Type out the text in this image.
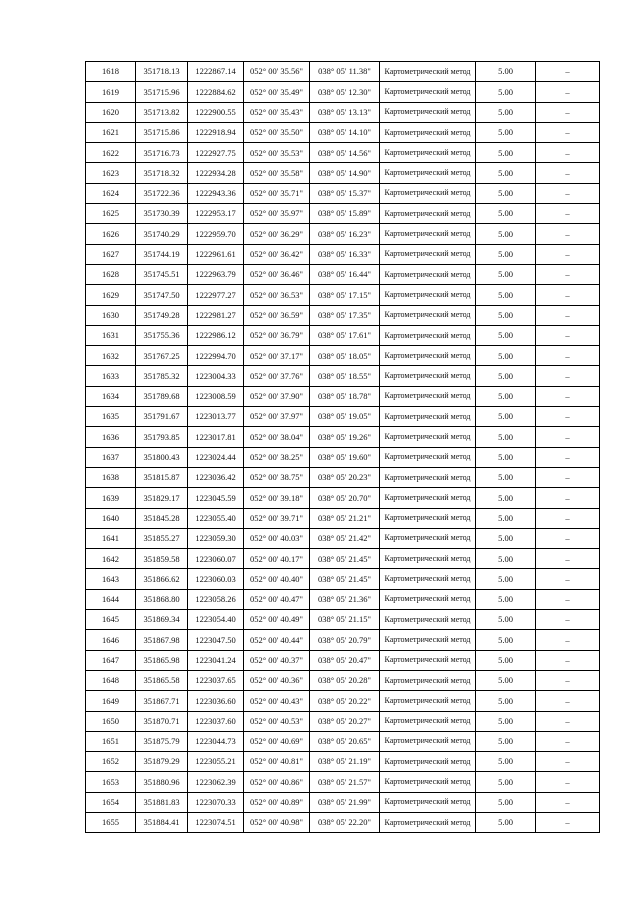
1618	351718.13	1222867.14	052° 00' 35.56"	038° 05' 11.38"	Картометрический метод	5.00	–
1619	351715.96	1222884.62	052° 00' 35.49"	038° 05' 12.30"	Картометрический метод	5.00	–
1620	351713.82	1222900.55	052° 00' 35.43"	038° 05' 13.13"	Картометрический метод	5.00	–
1621	351715.86	1222918.94	052° 00' 35.50"	038° 05' 14.10"	Картометрический метод	5.00	–
1622	351716.73	1222927.75	052° 00' 35.53"	038° 05' 14.56"	Картометрический метод	5.00	–
1623	351718.32	1222934.28	052° 00' 35.58"	038° 05' 14.90"	Картометрический метод	5.00	–
1624	351722.36	1222943.36	052° 00' 35.71"	038° 05' 15.37"	Картометрический метод	5.00	–
1625	351730.39	1222953.17	052° 00' 35.97"	038° 05' 15.89"	Картометрический метод	5.00	–
1626	351740.29	1222959.70	052° 00' 36.29"	038° 05' 16.23"	Картометрический метод	5.00	–
1627	351744.19	1222961.61	052° 00' 36.42"	038° 05' 16.33"	Картометрический метод	5.00	–
1628	351745.51	1222963.79	052° 00' 36.46"	038° 05' 16.44"	Картометрический метод	5.00	–
1629	351747.50	1222977.27	052° 00' 36.53"	038° 05' 17.15"	Картометрический метод	5.00	–
1630	351749.28	1222981.27	052° 00' 36.59"	038° 05' 17.35"	Картометрический метод	5.00	–
1631	351755.36	1222986.12	052° 00' 36.79"	038° 05' 17.61"	Картометрический метод	5.00	–
1632	351767.25	1222994.70	052° 00' 37.17"	038° 05' 18.05"	Картометрический метод	5.00	–
1633	351785.32	1223004.33	052° 00' 37.76"	038° 05' 18.55"	Картометрический метод	5.00	–
1634	351789.68	1223008.59	052° 00' 37.90"	038° 05' 18.78"	Картометрический метод	5.00	–
1635	351791.67	1223013.77	052° 00' 37.97"	038° 05' 19.05"	Картометрический метод	5.00	–
1636	351793.85	1223017.81	052° 00' 38.04"	038° 05' 19.26"	Картометрический метод	5.00	–
1637	351800.43	1223024.44	052° 00' 38.25"	038° 05' 19.60"	Картометрический метод	5.00	–
1638	351815.87	1223036.42	052° 00' 38.75"	038° 05' 20.23"	Картометрический метод	5.00	–
1639	351829.17	1223045.59	052° 00' 39.18"	038° 05' 20.70"	Картометрический метод	5.00	–
1640	351845.28	1223055.40	052° 00' 39.71"	038° 05' 21.21"	Картометрический метод	5.00	–
1641	351855.27	1223059.30	052° 00' 40.03"	038° 05' 21.42"	Картометрический метод	5.00	–
1642	351859.58	1223060.07	052° 00' 40.17"	038° 05' 21.45"	Картометрический метод	5.00	–
1643	351866.62	1223060.03	052° 00' 40.40"	038° 05' 21.45"	Картометрический метод	5.00	–
1644	351868.80	1223058.26	052° 00' 40.47"	038° 05' 21.36"	Картометрический метод	5.00	–
1645	351869.34	1223054.40	052° 00' 40.49"	038° 05' 21.15"	Картометрический метод	5.00	–
1646	351867.98	1223047.50	052° 00' 40.44"	038° 05' 20.79"	Картометрический метод	5.00	–
1647	351865.98	1223041.24	052° 00' 40.37"	038° 05' 20.47"	Картометрический метод	5.00	–
1648	351865.58	1223037.65	052° 00' 40.36"	038° 05' 20.28"	Картометрический метод	5.00	–
1649	351867.71	1223036.60	052° 00' 40.43"	038° 05' 20.22"	Картометрический метод	5.00	–
1650	351870.71	1223037.60	052° 00' 40.53"	038° 05' 20.27"	Картометрический метод	5.00	–
1651	351875.79	1223044.73	052° 00' 40.69"	038° 05' 20.65"	Картометрический метод	5.00	–
1652	351879.29	1223055.21	052° 00' 40.81"	038° 05' 21.19"	Картометрический метод	5.00	–
1653	351880.96	1223062.39	052° 00' 40.86"	038° 05' 21.57"	Картометрический метод	5.00	–
1654	351881.83	1223070.33	052° 00' 40.89"	038° 05' 21.99"	Картометрический метод	5.00	–
1655	351884.41	1223074.51	052° 00' 40.98"	038° 05' 22.20"	Картометрический метод	5.00	–
